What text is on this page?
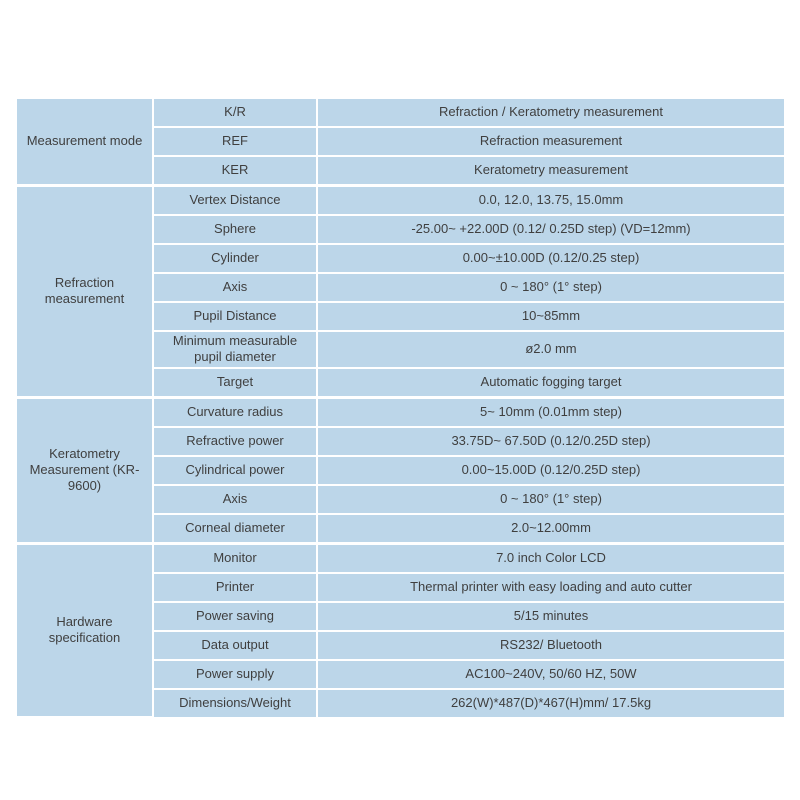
Measurement mode	K/R	Refraction / Keratometry measurement
	REF	Refraction measurement
	KER	Keratometry measurement
Refraction measurement	Vertex Distance	0.0, 12.0, 13.75, 15.0mm
	Sphere	-25.00~ +22.00D (0.12/ 0.25D step) (VD=12mm)
	Cylinder	0.00~±10.00D (0.12/0.25 step)
	Axis	0 ~ 180° (1° step)
	Pupil Distance	10~85mm
	Minimum measurable pupil diameter	ø2.0 mm
	Target	Automatic fogging target
Keratometry Measurement (KR-9600)	Curvature radius	5~ 10mm (0.01mm step)
	Refractive power	33.75D~ 67.50D (0.12/0.25D step)
	Cylindrical power	0.00~15.00D (0.12/0.25D step)
	Axis	0 ~ 180° (1° step)
	Corneal diameter	2.0~12.00mm
Hardware specification	Monitor	7.0 inch Color LCD
	Printer	Thermal printer with easy loading and auto cutter
	Power saving	5/15 minutes
	Data output	RS232/ Bluetooth
	Power supply	AC100~240V, 50/60 HZ, 50W
	Dimensions/Weight	262(W)*487(D)*467(H)mm/ 17.5kg
